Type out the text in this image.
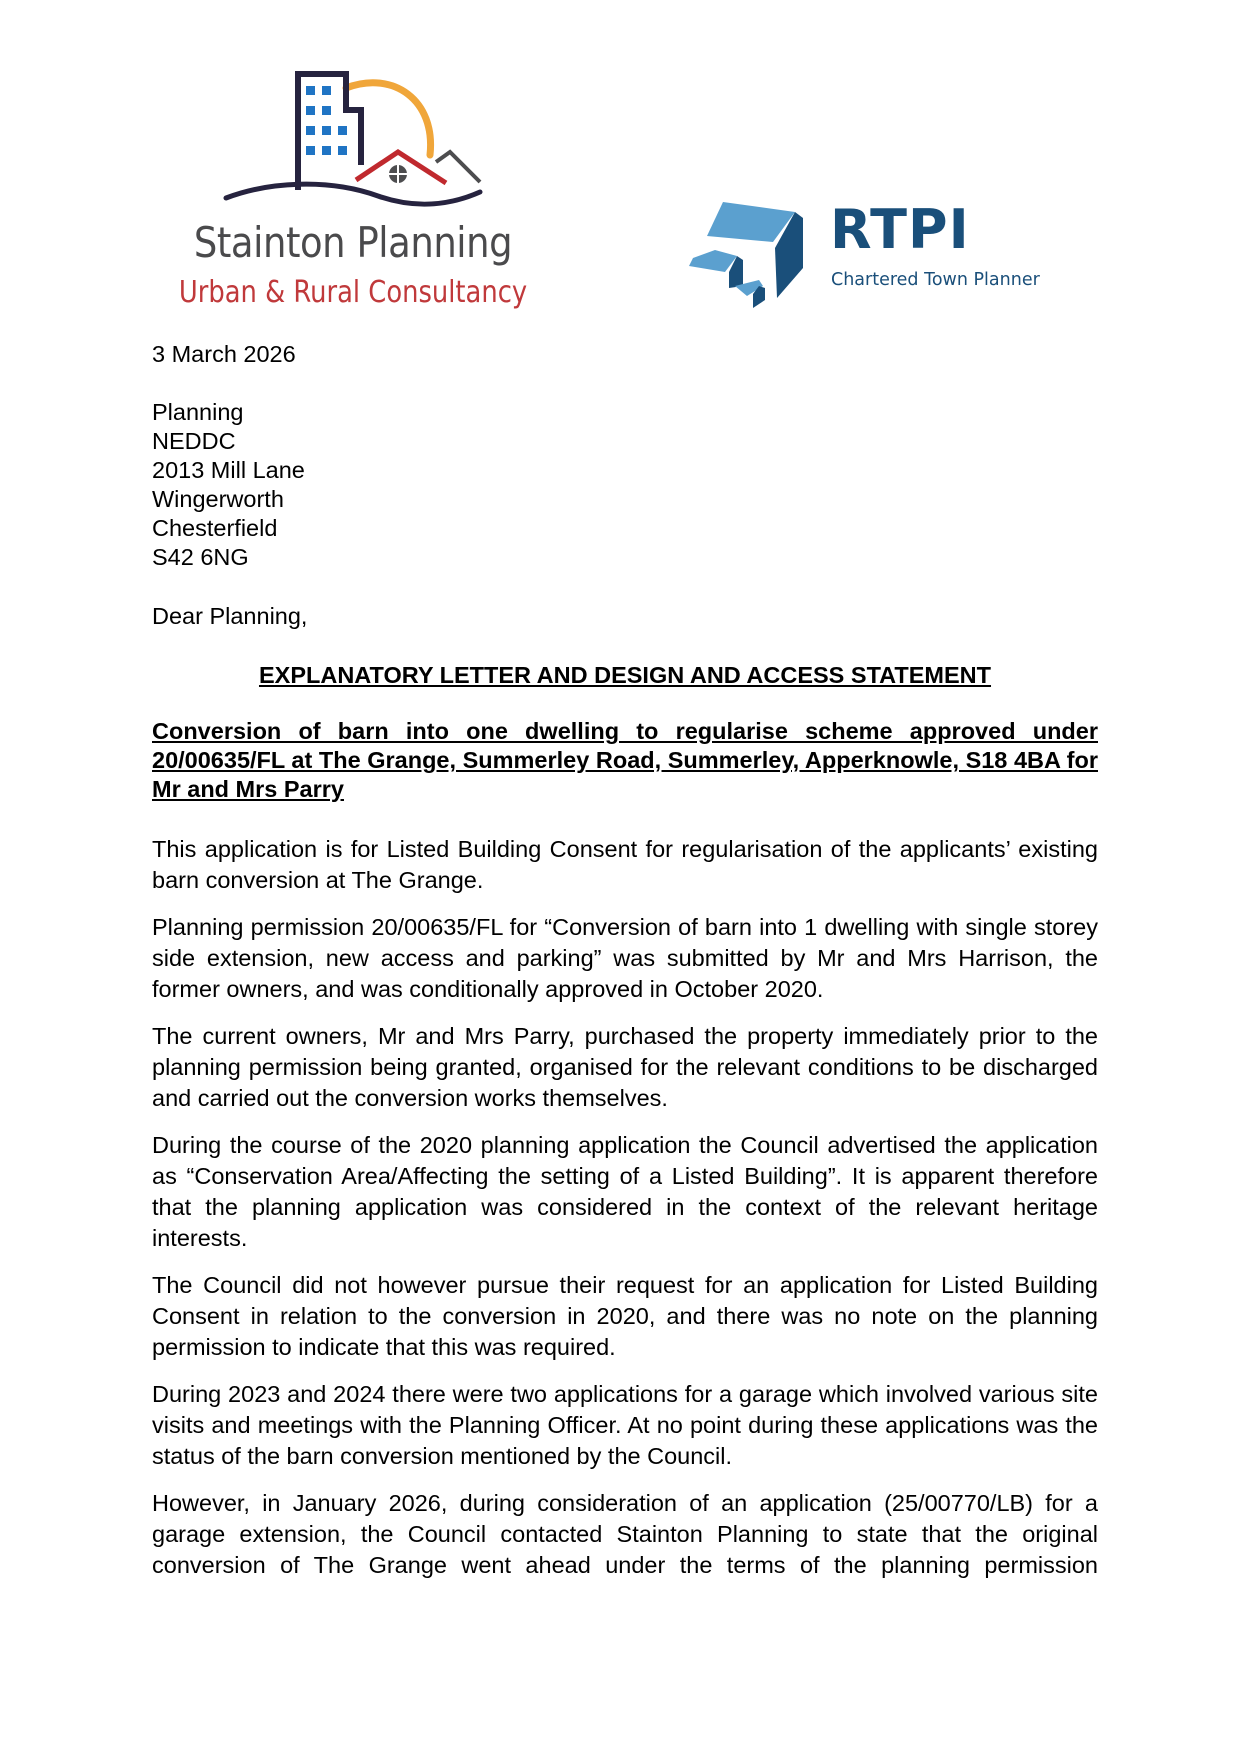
Stainton Planning
Urban & Rural Consultancy
RTPI
Chartered Town Planner
3 March 2026
Planning
NEDDC
2013 Mill Lane
Wingerworth
Chesterfield
S42 6NG
Dear Planning,
EXPLANATORY LETTER AND DESIGN AND ACCESS STATEMENT
Conversion of barn into one dwelling to regularise scheme approved under 20/00635/FL at The Grange, Summerley Road, Summerley, Apperknowle, S18 4BA for Mr and Mrs Parry

This application is for Listed Building Consent for regularisation of the applicants’ existing barn conversion at The Grange.

Planning permission 20/00635/FL for “Conversion of barn into 1 dwelling with single storey side extension, new access and parking” was submitted by Mr and Mrs Harrison, the former owners, and was conditionally approved in October 2020.

The current owners, Mr and Mrs Parry, purchased the property immediately prior to the planning permission being granted, organised for the relevant conditions to be discharged and carried out the conversion works themselves.

During the course of the 2020 planning application the Council advertised the application as “Conservation Area/Affecting the setting of a Listed Building”. It is apparent therefore that the planning application was considered in the context of the relevant heritage interests.

The Council did not however pursue their request for an application for Listed Building Consent in relation to the conversion in 2020, and there was no note on the planning permission to indicate that this was required.

During 2023 and 2024 there were two applications for a garage which involved various site visits and meetings with the Planning Officer. At no point during these applications was the status of the barn conversion mentioned by the Council.

However, in January 2026, during consideration of an application (25/00770/LB) for a garage extension, the Council contacted Stainton Planning to state that the original conversion of The Grange went ahead under the terms of the planning permission
